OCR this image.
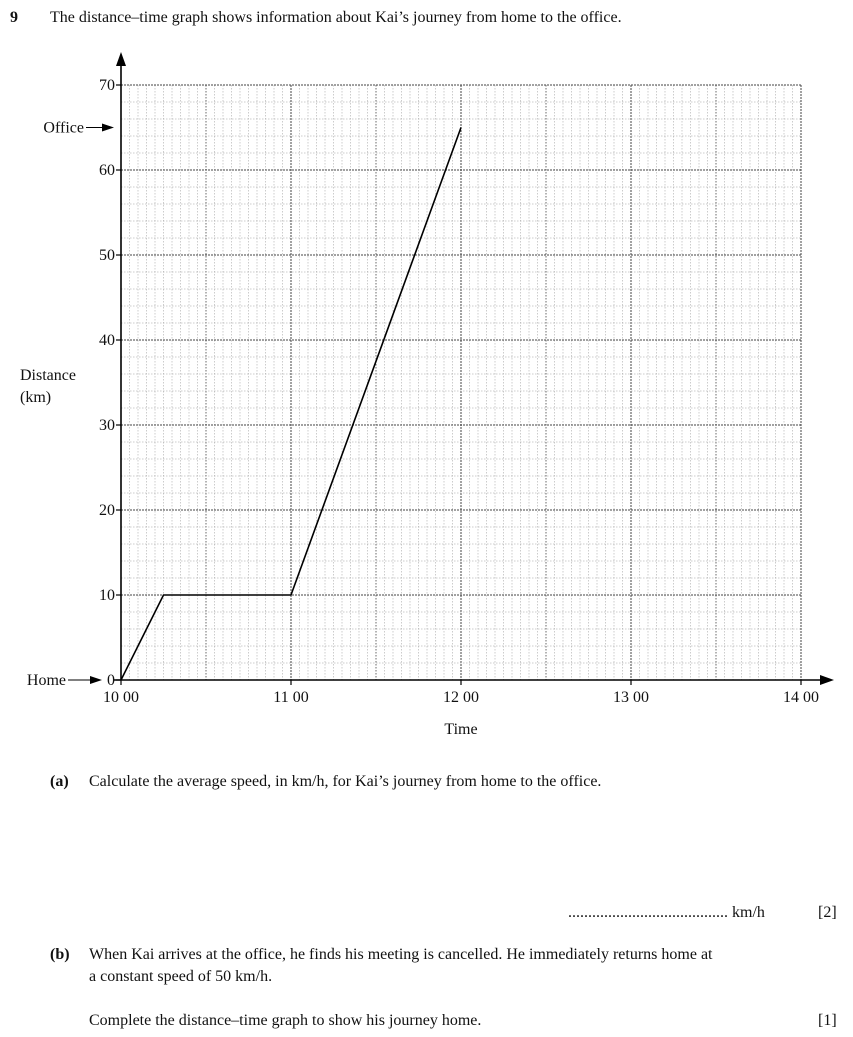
9 The distance–time graph shows information about Kai’s journey from home to the office.
0
10
20
30
40
50
60
70
10 00	11 00	12 00	13 00	14 00
Time
Distance
(km)
Office
Home
(a) Calculate the average speed, in km/h, for Kai’s journey from home to the office.
........................................ km/h	[2]
(b) When Kai arrives at the office, he finds his meeting is cancelled. He immediately returns home at
a constant speed of 50 km/h.
Complete the distance–time graph to show his journey home.	[1]
